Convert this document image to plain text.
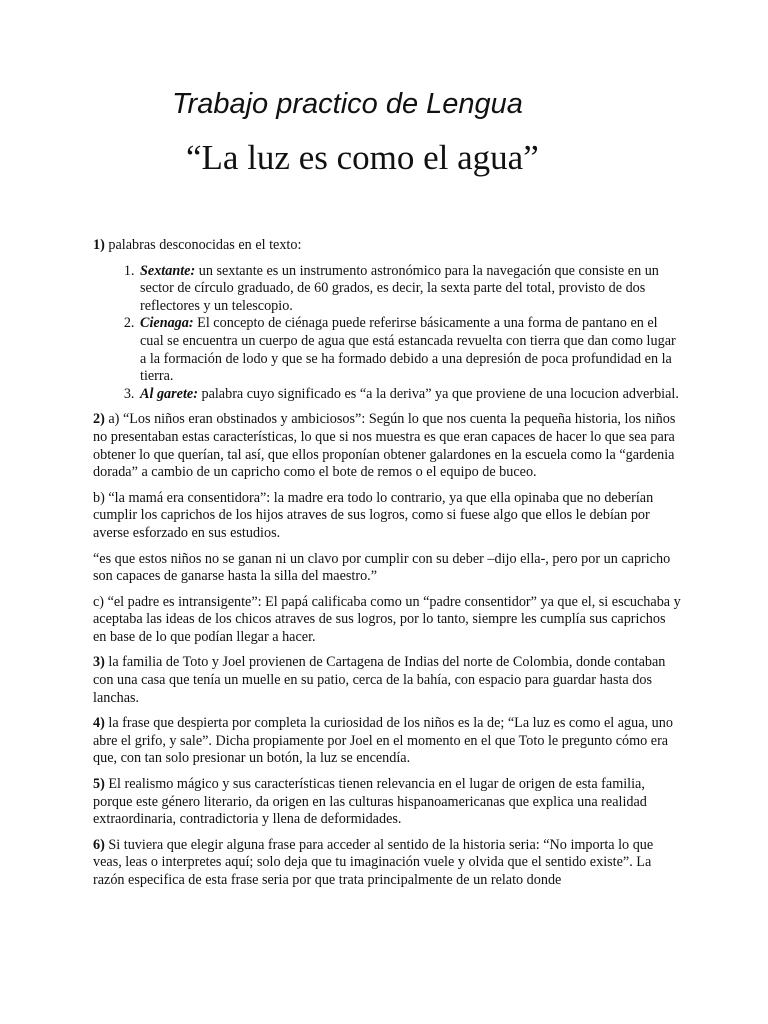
Trabajo practico de Lengua
“La luz es como el agua”

1) palabras desconocidas en el texto:

1. Sextante: un sextante es un instrumento astronómico para la navegación que consiste en un sector de círculo graduado, de 60 grados, es decir, la sexta parte del total, provisto de dos reflectores y un telescopio.
2. Cienaga: El concepto de ciénaga puede referirse básicamente a una forma de pantano en el cual se encuentra un cuerpo de agua que está estancada revuelta con tierra que dan como lugar a la formación de lodo y que se ha formado debido a una depresión de poca profundidad en la tierra.
3. Al garete: palabra cuyo significado es “a la deriva” ya que proviene de una locucion adverbial.

2) a) “Los niños eran obstinados y ambiciosos”: Según lo que nos cuenta la pequeña historia, los niños no presentaban estas características, lo que si nos muestra es que eran capaces de hacer lo que sea para obtener lo que querían, tal así, que ellos proponían obtener galardones en la escuela como la “gardenia dorada” a cambio de un capricho como el bote de remos o el equipo de buceo.

b) “la mamá era consentidora”: la madre era todo lo contrario, ya que ella opinaba que no deberían cumplir los caprichos de los hijos atraves de sus logros, como si fuese algo que ellos le debían por averse esforzado en sus estudios.

“es que estos niños no se ganan ni un clavo por cumplir con su deber –dijo ella-, pero por un capricho son capaces de ganarse hasta la silla del maestro.”

c) “el padre es intransigente”: El papá calificaba como un “padre consentidor” ya que el, si escuchaba y aceptaba las ideas de los chicos atraves de sus logros, por lo tanto, siempre les cumplía sus caprichos en base de lo que podían llegar a hacer.

3) la familia de Toto y Joel provienen de Cartagena de Indias del norte de Colombia, donde contaban con una casa que tenía un muelle en su patio, cerca de la bahía, con espacio para guardar hasta dos lanchas.

4) la frase que despierta por completa la curiosidad de los niños es la de; “La luz es como el agua, uno abre el grifo, y sale”. Dicha propiamente por Joel en el momento en el que Toto le pregunto cómo era que, con tan solo presionar un botón, la luz se encendía.

5) El realismo mágico y sus características tienen relevancia en el lugar de origen de esta familia, porque este género literario, da origen en las culturas hispanoamericanas que explica una realidad extraordinaria, contradictoria y llena de deformidades.

6) Si tuviera que elegir alguna frase para acceder al sentido de la historia seria: “No importa lo que veas, leas o interpretes aquí; solo deja que tu imaginación vuele y olvida que el sentido existe”. La razón especifica de esta frase seria por que trata principalmente de un relato donde
